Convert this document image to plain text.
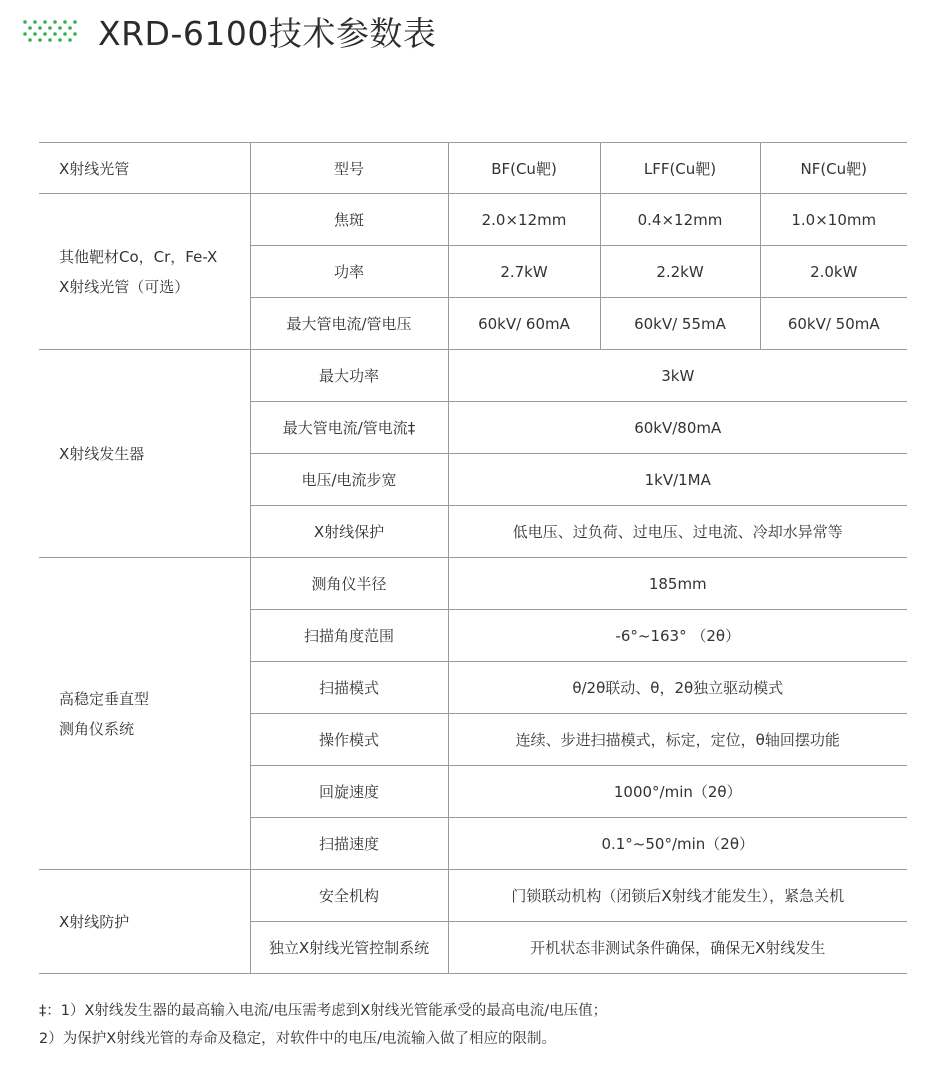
XRD-6100技术参数表
X射线光管	型号	BF(Cu靶)	LFF(Cu靶)	NF(Cu靶)

其他靶材Co，Cr，Fe-X
X射线光管（可选）	焦斑	2.0×12mm	0.4×12mm	1.0×10mm
	功率	2.7kW	2.2kW	2.0kW
	最大管电流/管电压	60kV/ 60mA	60kV/ 55mA	60kV/ 50mA

X射线发生器	最大功率	3kW		
	最大管电流/管电流‡	60kV/80mA		
	电压/电流步宽	1kV/1MA		
	X射线保护	低电压、过负荷、过电压、过电流、冷却水异常等		

高稳定垂直型
测角仪系统	测角仪半径	185mm		
	扫描角度范围	-6°~163° （2θ）		
	扫描模式	θ/2θ联动、θ，2θ独立驱动模式		
	操作模式	连续、步进扫描模式，标定，定位，θ轴回摆功能		
	回旋速度	1000°/min（2θ）		
	扫描速度	0.1°~50°/min（2θ）		

X射线防护	安全机构	门锁联动机构（闭锁后X射线才能发生），紧急关机		
	独立X射线光管控制系统	开机状态非测试条件确保，确保无X射线发生		
‡：1）X射线发生器的最高输入电流/电压需考虑到X射线光管能承受的最高电流/电压值；
2）为保护X射线光管的寿命及稳定，对软件中的电压/电流输入做了相应的限制。
